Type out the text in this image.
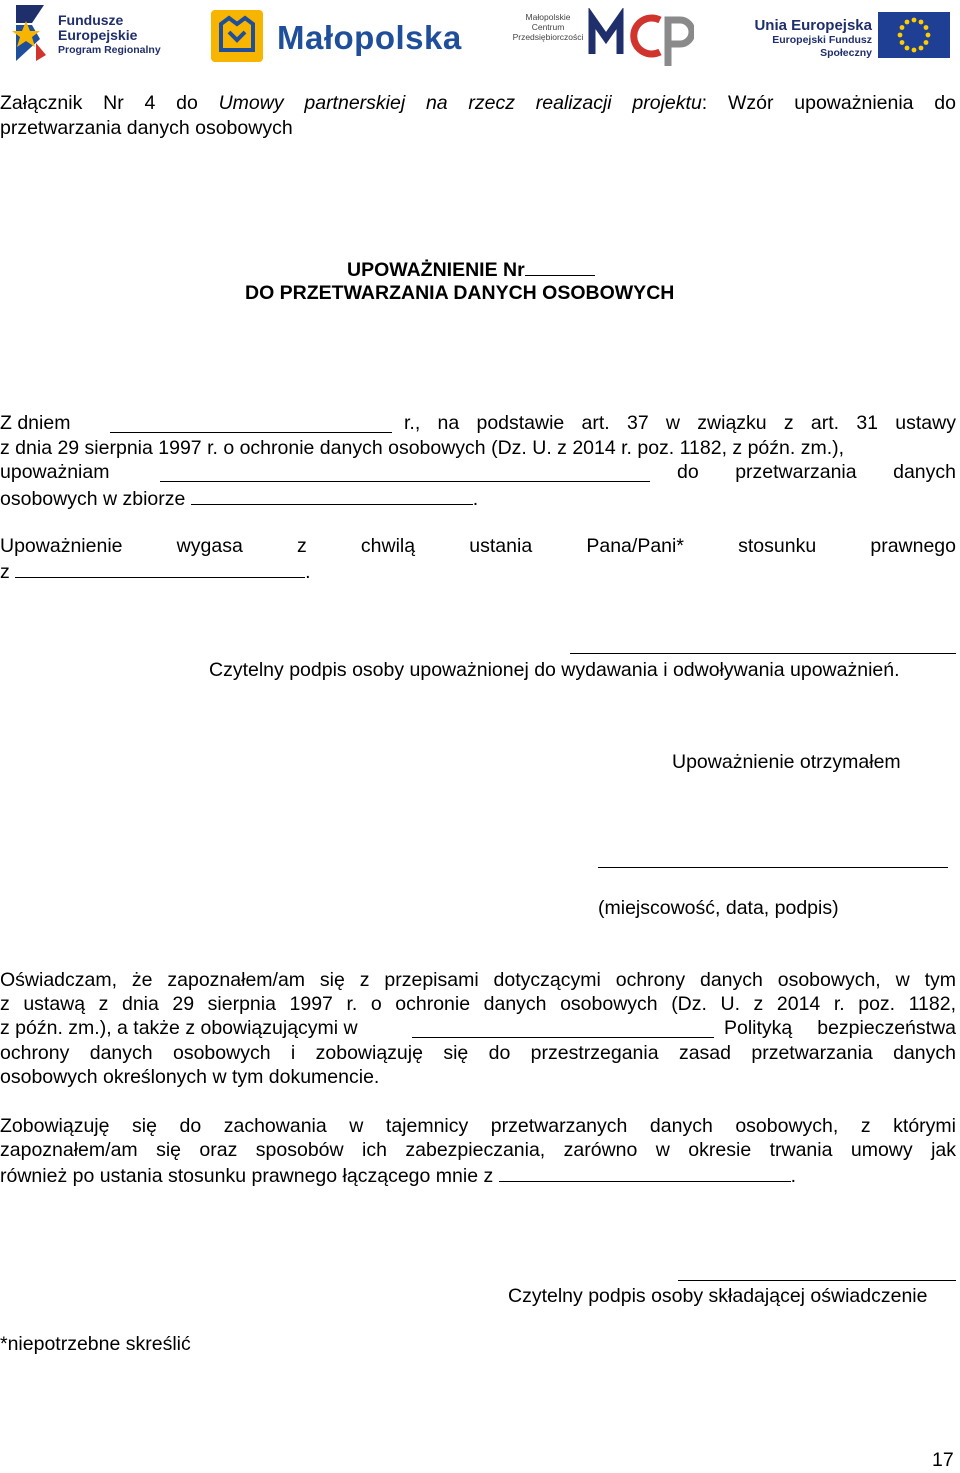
Fundusze
Europejskie
Program Regionalny	Małopolska
Małopolskie
Centrum
Przedsiębiorczości
Unia Europejska
Europejski Fundusz Społeczny
Załącznik Nr 4 do Umowy partnerskiej na rzecz realizacji projektu: Wzór upoważnienia do
przetwarzania danych osobowych
UPOWAŻNIENIE Nr
DO PRZETWARZANIA DANYCH OSOBOWYCH
Z dniem	r., na podstawie art. 37 w związku z art. 31 ustawy
z dnia 29 sierpnia 1997 r. o ochronie danych osobowych (Dz. U. z 2014 r. poz. 1182, z późn. zm.),
upoważniam	do przetwarzania danych
osobowych w zbiorze	.
Upoważnienie wygasa z chwilą ustania Pana/Pani* stosunku prawnego
z	.
Czytelny podpis osoby upoważnionej do wydawania i odwoływania upoważnień.
Upoważnienie otrzymałem
(miejscowość, data, podpis)
Oświadczam, że zapoznałem/am się z przepisami dotyczącymi ochrony danych osobowych, w tym
z ustawą z dnia 29 sierpnia 1997 r. o ochronie danych osobowych (Dz. U. z 2014 r. poz. 1182,
z późn. zm.), a także z obowiązującymi w	Polityką bezpieczeństwa
ochrony danych osobowych i zobowiązuję się do przestrzegania zasad przetwarzania danych
osobowych określonych w tym dokumencie.
Zobowiązuję się do zachowania w tajemnicy przetwarzanych danych osobowych, z którymi
zapoznałem/am się oraz sposobów ich zabezpieczania, zarówno w okresie trwania umowy jak
również po ustania stosunku prawnego łączącego mnie z	.
Czytelny podpis osoby składającej oświadczenie
*niepotrzebne skreślić
17
